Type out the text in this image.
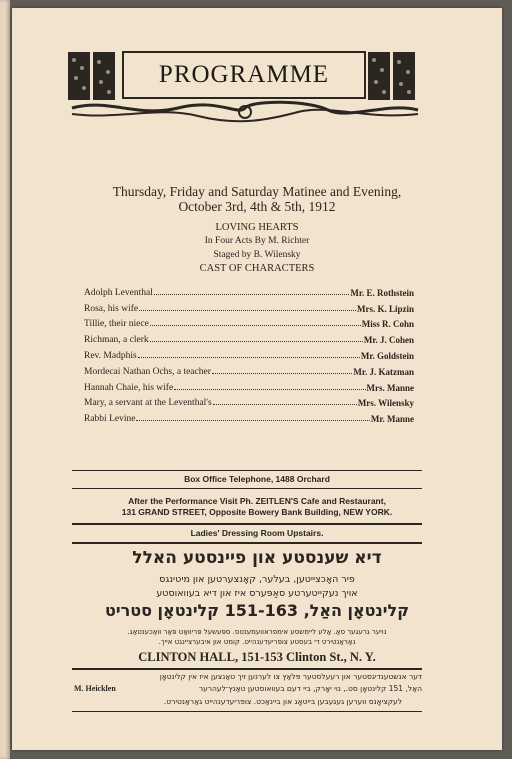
PROGRAMME
Thursday, Friday and Saturday Matinee and Evening,
October 3rd, 4th & 5th, 1912
LOVING HEARTS
In Four Acts By M. Richter
Staged by B. Wilensky
CAST OF CHARACTERS
Adolph Leventhal	Mr. E. Rothstein
Rosa, his wife	Mrs. K. Lipzin
Tillie, their niece	Miss R. Cohn
Richman, a clerk	Mr. J. Cohen
Rev. Madphis	Mr. Goldstein
Mordecai Nathan Ochs, a teacher	Mr. J. Katzman
Hannah Chaie, his wife	Mrs. Manne
Mary, a servant at the Leventhal's	Mrs. Wilensky
Rabbi Levine	Mr. Manne
Box Office Telephone, 1488 Orchard
After the Performance Visit Ph. ZEITLEN'S Cafe and Restaurant,
131 GRAND STREET, Opposite Bowery Bank Building, NEW YORK.
Ladies' Dressing Room Upstairs.
דיא שענסטע און פיינסטע האלל
פיר האָכצייטען, בעלער, קאָנצערטען און מיטינגס
אויך נעקייטערטע סאַפּערס איז און דיא בעוואוסטע
קלינטאָן האַל, 151-163 קלינטאָן סטריט
נויער גרעגער סאַ. אַלע ליימשסע אימפראוועמענטס. ספּעשעל פּריוואַט פּאַר וואַכענטאַג.
נאַראַנטירט די בעסטע צופריעדענהייט. קומט און איבערציינגט אייך.
CLINTON HALL, 151-153 Clinton St., N. Y.
דער אנשטענדיגסטער און רעעלסטער פּלאַץ צו לערנען זיך טאַנצען איז אין קלינטאָן
M. Heicklen	האַל, 151 קלינטאָן סט., נוי יאָרק, ביי דעם בעוואוסטען טאַנץ־לעהרער
לעקציאָנס ווערען געגעבען בייטאָג און ביינאַכט. צופריעדענהייט גאַראַנטירט.
